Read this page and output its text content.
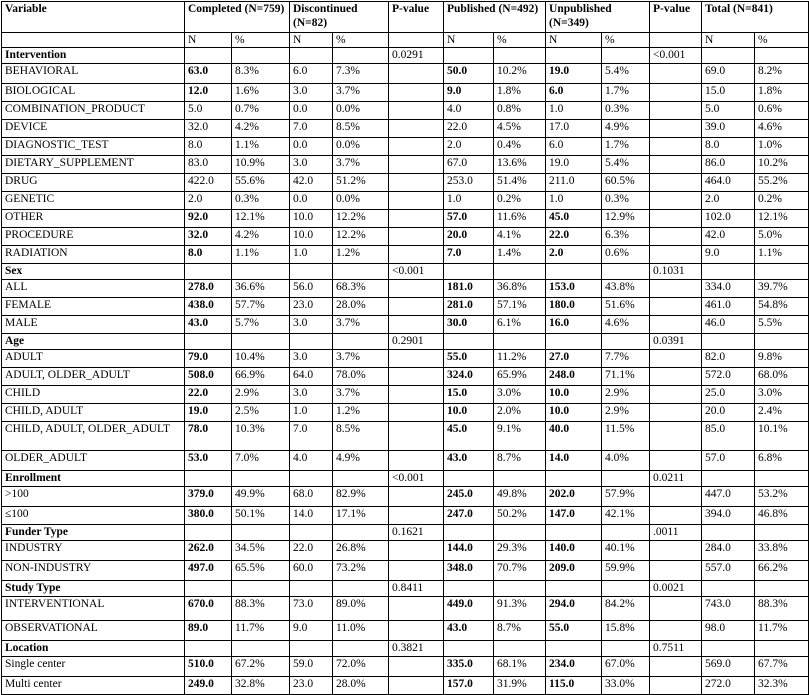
Variable	Completed (N=759)		Discontinued (N=82)		P-value	Published (N=492)		Unpublished (N=349)		P-value	Total (N=841)	
	N	%	N	%		N	%	N	%		N	%
Intervention					0.0291					<0.001		
BEHAVIORAL	63.0	8.3%	6.0	7.3%		50.0	10.2%	19.0	5.4%		69.0	8.2%
BIOLOGICAL	12.0	1.6%	3.0	3.7%		9.0	1.8%	6.0	1.7%		15.0	1.8%
COMBINATION_PRODUCT	5.0	0.7%	0.0	0.0%		4.0	0.8%	1.0	0.3%		5.0	0.6%
DEVICE	32.0	4.2%	7.0	8.5%		22.0	4.5%	17.0	4.9%		39.0	4.6%
DIAGNOSTIC_TEST	8.0	1.1%	0.0	0.0%		2.0	0.4%	6.0	1.7%		8.0	1.0%
DIETARY_SUPPLEMENT	83.0	10.9%	3.0	3.7%		67.0	13.6%	19.0	5.4%		86.0	10.2%
DRUG	422.0	55.6%	42.0	51.2%		253.0	51.4%	211.0	60.5%		464.0	55.2%
GENETIC	2.0	0.3%	0.0	0.0%		1.0	0.2%	1.0	0.3%		2.0	0.2%
OTHER	92.0	12.1%	10.0	12.2%		57.0	11.6%	45.0	12.9%		102.0	12.1%
PROCEDURE	32.0	4.2%	10.0	12.2%		20.0	4.1%	22.0	6.3%		42.0	5.0%
RADIATION	8.0	1.1%	1.0	1.2%		7.0	1.4%	2.0	0.6%		9.0	1.1%
Sex					<0.001					0.1031		
ALL	278.0	36.6%	56.0	68.3%		181.0	36.8%	153.0	43.8%		334.0	39.7%
FEMALE	438.0	57.7%	23.0	28.0%		281.0	57.1%	180.0	51.6%		461.0	54.8%
MALE	43.0	5.7%	3.0	3.7%		30.0	6.1%	16.0	4.6%		46.0	5.5%
Age					0.2901					0.0391		
ADULT	79.0	10.4%	3.0	3.7%		55.0	11.2%	27.0	7.7%		82.0	9.8%
ADULT, OLDER_ADULT	508.0	66.9%	64.0	78.0%		324.0	65.9%	248.0	71.1%		572.0	68.0%
CHILD	22.0	2.9%	3.0	3.7%		15.0	3.0%	10.0	2.9%		25.0	3.0%
CHILD, ADULT	19.0	2.5%	1.0	1.2%		10.0	2.0%	10.0	2.9%		20.0	2.4%
CHILD, ADULT, OLDER_ADULT	78.0	10.3%	7.0	8.5%		45.0	9.1%	40.0	11.5%		85.0	10.1%
OLDER_ADULT	53.0	7.0%	4.0	4.9%		43.0	8.7%	14.0	4.0%		57.0	6.8%
Enrollment					<0.001					0.0211		
>100	379.0	49.9%	68.0	82.9%		245.0	49.8%	202.0	57.9%		447.0	53.2%
≤100	380.0	50.1%	14.0	17.1%		247.0	50.2%	147.0	42.1%		394.0	46.8%
Funder Type					0.1621					.0011		
INDUSTRY	262.0	34.5%	22.0	26.8%		144.0	29.3%	140.0	40.1%		284.0	33.8%
NON-INDUSTRY	497.0	65.5%	60.0	73.2%		348.0	70.7%	209.0	59.9%		557.0	66.2%
Study Type					0.8411					0.0021		
INTERVENTIONAL	670.0	88.3%	73.0	89.0%		449.0	91.3%	294.0	84.2%		743.0	88.3%
OBSERVATIONAL	89.0	11.7%	9.0	11.0%		43.0	8.7%	55.0	15.8%		98.0	11.7%
Location					0.3821					0.7511		
Single center	510.0	67.2%	59.0	72.0%		335.0	68.1%	234.0	67.0%		569.0	67.7%
Multi center	249.0	32.8%	23.0	28.0%		157.0	31.9%	115.0	33.0%		272.0	32.3%
